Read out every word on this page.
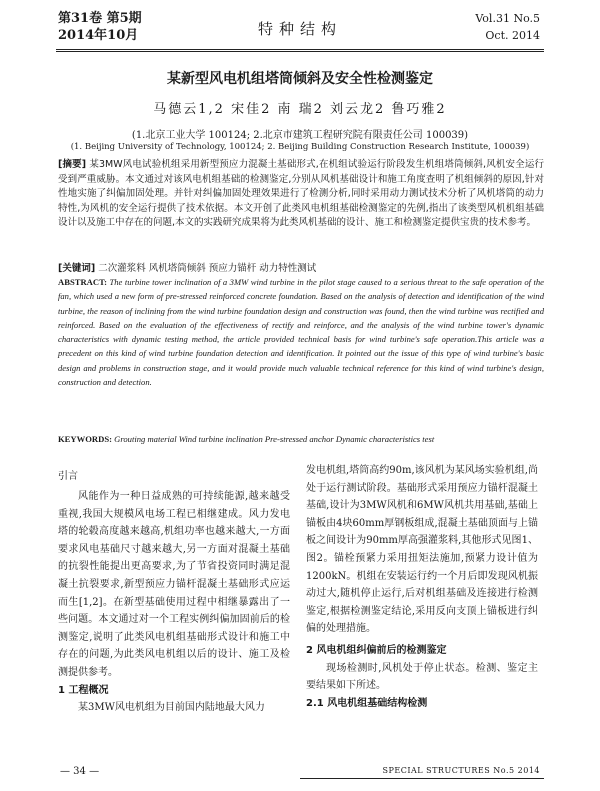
第31卷 第5期
2014年10月	特种结构
Vol.31 No.5
Oct. 2014
某新型风电机组塔筒倾斜及安全性检测鉴定
马德云1,2 宋佳2 南 瑞2 刘云龙2 鲁巧雅2
(1.北京工业大学 100124; 2.北京市建筑工程研究院有限责任公司 100039)
(1. Beijing University of Technology, 100124; 2. Beijing Building Construction Research Institute, 100039)
[摘要] 某3MW风电试验机组采用新型预应力混凝土基础形式,在机组试验运行阶段发生机组塔筒倾斜,风机安全运行受到严重威胁。本文通过对该风电机组基础的检测鉴定,分别从风机基础设计和施工角度查明了机组倾斜的原因,针对性地实施了纠偏加固处理。并针对纠偏加固处理效果进行了检测分析,同时采用动力测试技术分析了风机塔筒的动力特性,为风机的安全运行提供了技术依据。本文开创了此类风电机组基础检测鉴定的先例,指出了该类型风机机组基础设计以及施工中存在的问题,本文的实践研究成果将为此类风机基础的设计、施工和检测鉴定提供宝贵的技术参考。
[关键词] 二次灌浆料 风机塔筒倾斜 预应力锚杆 动力特性测试
ABSTRACT: The turbine tower inclination of a 3MW wind turbine in the pilot stage caused to a serious threat to the safe operation of the fan, which used a new form of pre-stressed reinforced concrete foundation. Based on the analysis of detection and identification of the wind turbine, the reason of inclining from the wind turbine foundation design and construction was found, then the wind turbine was rectified and reinforced. Based on the evaluation of the effectiveness of rectify and reinforce, and the analysis of the wind turbine tower's dynamic characteristics with dynamic testing method, the article provided technical basis for wind turbine's safe operation.This article was a precedent on this kind of wind turbine foundation detection and identification. It pointed out the issue of this type of wind turbine's basic design and problems in construction stage, and it would provide much valuable technical reference for this kind of wind turbine's design, construction and detection.
KEYWORDS: Grouting material Wind turbine inclination Pre-stressed anchor Dynamic characteristics test
引言

风能作为一种日益成熟的可持续能源,越来越受重视,我国大规模风电场工程已相继建成。风力发电塔的轮毂高度越来越高,机组功率也越来越大,一方面要求风电基础尺寸越来越大,另一方面对混凝土基础的抗裂性能提出更高要求,为了节省投资同时满足混凝土抗裂要求,新型预应力锚杆混凝土基础形式应运而生[1,2]。在新型基础使用过程中相继暴露出了一些问题。本文通过对一个工程实例纠偏加固前后的检测鉴定,说明了此类风电机组基础形式设计和施工中存在的问题,为此类风电机组以后的设计、施工及检测提供参考。

1 工程概况

某3MW风电机组为目前国内陆地最大风力

发电机组,塔筒高约90m,该风机为某风场实验机组,尚处于运行测试阶段。基础形式采用预应力锚杆混凝土基础,设计为3MW风机和6MW风机共用基础,基础上锚板由4块60mm厚钢板组成,混凝土基础顶面与上锚板之间设计为90mm厚高强灌浆料,其他形式见图1、图2。锚栓预紧力采用扭矩法施加,预紧力设计值为1200kN。机组在安装运行约一个月后即发现风机振动过大,随机停止运行,后对机组基础及连接进行检测鉴定,根据检测鉴定结论,采用反向支顶上锚板进行纠偏的处理措施。

2 风电机组纠偏前后的检测鉴定

现场检测时,风机处于停止状态。检测、鉴定主要结果如下所述。

2.1 风电机组基础结构检测
— 34 —	SPECIAL STRUCTURES No.5 2014
